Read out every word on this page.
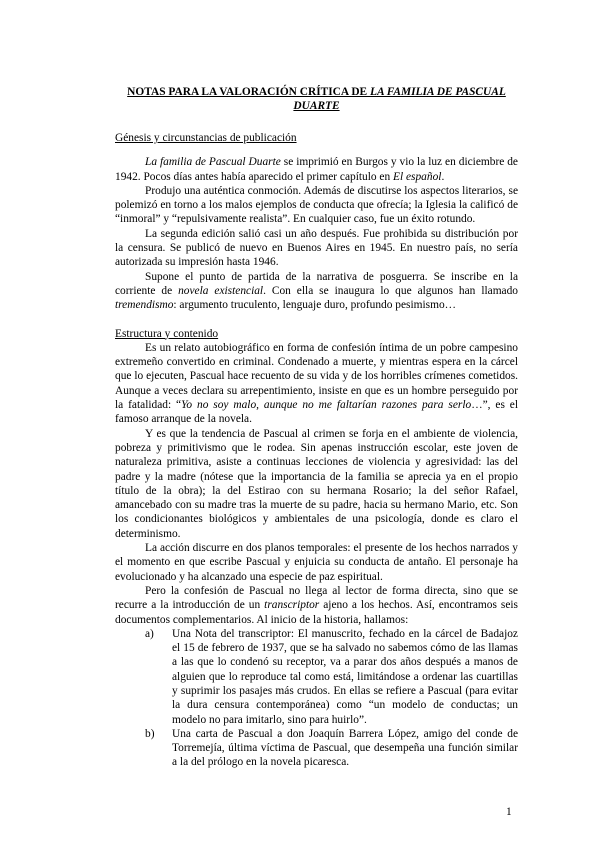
NOTAS PARA LA VALORACIÓN CRÍTICA DE LA FAMILIA DE PASCUAL DUARTE
Génesis y circunstancias de publicación

La familia de Pascual Duarte se imprimió en Burgos y vio la luz en diciembre de 1942. Pocos días antes había aparecido el primer capítulo en El español.

Produjo una auténtica conmoción. Además de discutirse los aspectos literarios, se polemizó en torno a los malos ejemplos de conducta que ofrecía; la Iglesia la calificó de “inmoral” y “repulsivamente realista”. En cualquier caso, fue un éxito rotundo.

La segunda edición salió casi un año después. Fue prohibida su distribución por la censura. Se publicó de nuevo en Buenos Aires en 1945. En nuestro país, no sería autorizada su impresión hasta 1946.

Supone el punto de partida de la narrativa de posguerra. Se inscribe en la corriente de novela existencial. Con ella se inaugura lo que algunos han llamado tremendismo: argumento truculento, lenguaje duro, profundo pesimismo…

Estructura y contenido

Es un relato autobiográfico en forma de confesión íntima de un pobre campesino extremeño convertido en criminal. Condenado a muerte, y mientras espera en la cárcel que lo ejecuten, Pascual hace recuento de su vida y de los horribles crímenes cometidos. Aunque a veces declara su arrepentimiento, insiste en que es un hombre perseguido por la fatalidad: “Yo no soy malo, aunque no me faltarían razones para serlo…”, es el famoso arranque de la novela.

Y es que la tendencia de Pascual al crimen se forja en el ambiente de violencia, pobreza y primitivismo que le rodea. Sin apenas instrucción escolar, este joven de naturaleza primitiva, asiste a continuas lecciones de violencia y agresividad: las del padre y la madre (nótese que la importancia de la familia se aprecia ya en el propio título de la obra); la del Estirao con su hermana Rosario; la del señor Rafael, amancebado con su madre tras la muerte de su padre, hacia su hermano Mario, etc. Son los condicionantes biológicos y ambientales de una psicología, donde es claro el determinismo.

La acción discurre en dos planos temporales: el presente de los hechos narrados y el momento en que escribe Pascual y enjuicia su conducta de antaño. El personaje ha evolucionado y ha alcanzado una especie de paz espiritual.

Pero la confesión de Pascual no llega al lector de forma directa, sino que se recurre a la introducción de un transcriptor ajeno a los hechos. Así, encontramos seis documentos complementarios. Al inicio de la historia, hallamos:

a)	Una Nota del transcriptor: El manuscrito, fechado en la cárcel de Badajoz el 15 de febrero de 1937, que se ha salvado no sabemos cómo de las llamas a las que lo condenó su receptor, va a parar dos años después a manos de alguien que lo reproduce tal como está, limitándose a ordenar las cuartillas y suprimir los pasajes más crudos. En ellas se refiere a Pascual (para evitar la dura censura contemporánea) como “un modelo de conductas; un modelo no para imitarlo, sino para huirlo”.
b)	Una carta de Pascual a don Joaquín Barrera López, amigo del conde de Torremejía, última víctima de Pascual, que desempeña una función similar a la del prólogo en la novela picaresca.
1
